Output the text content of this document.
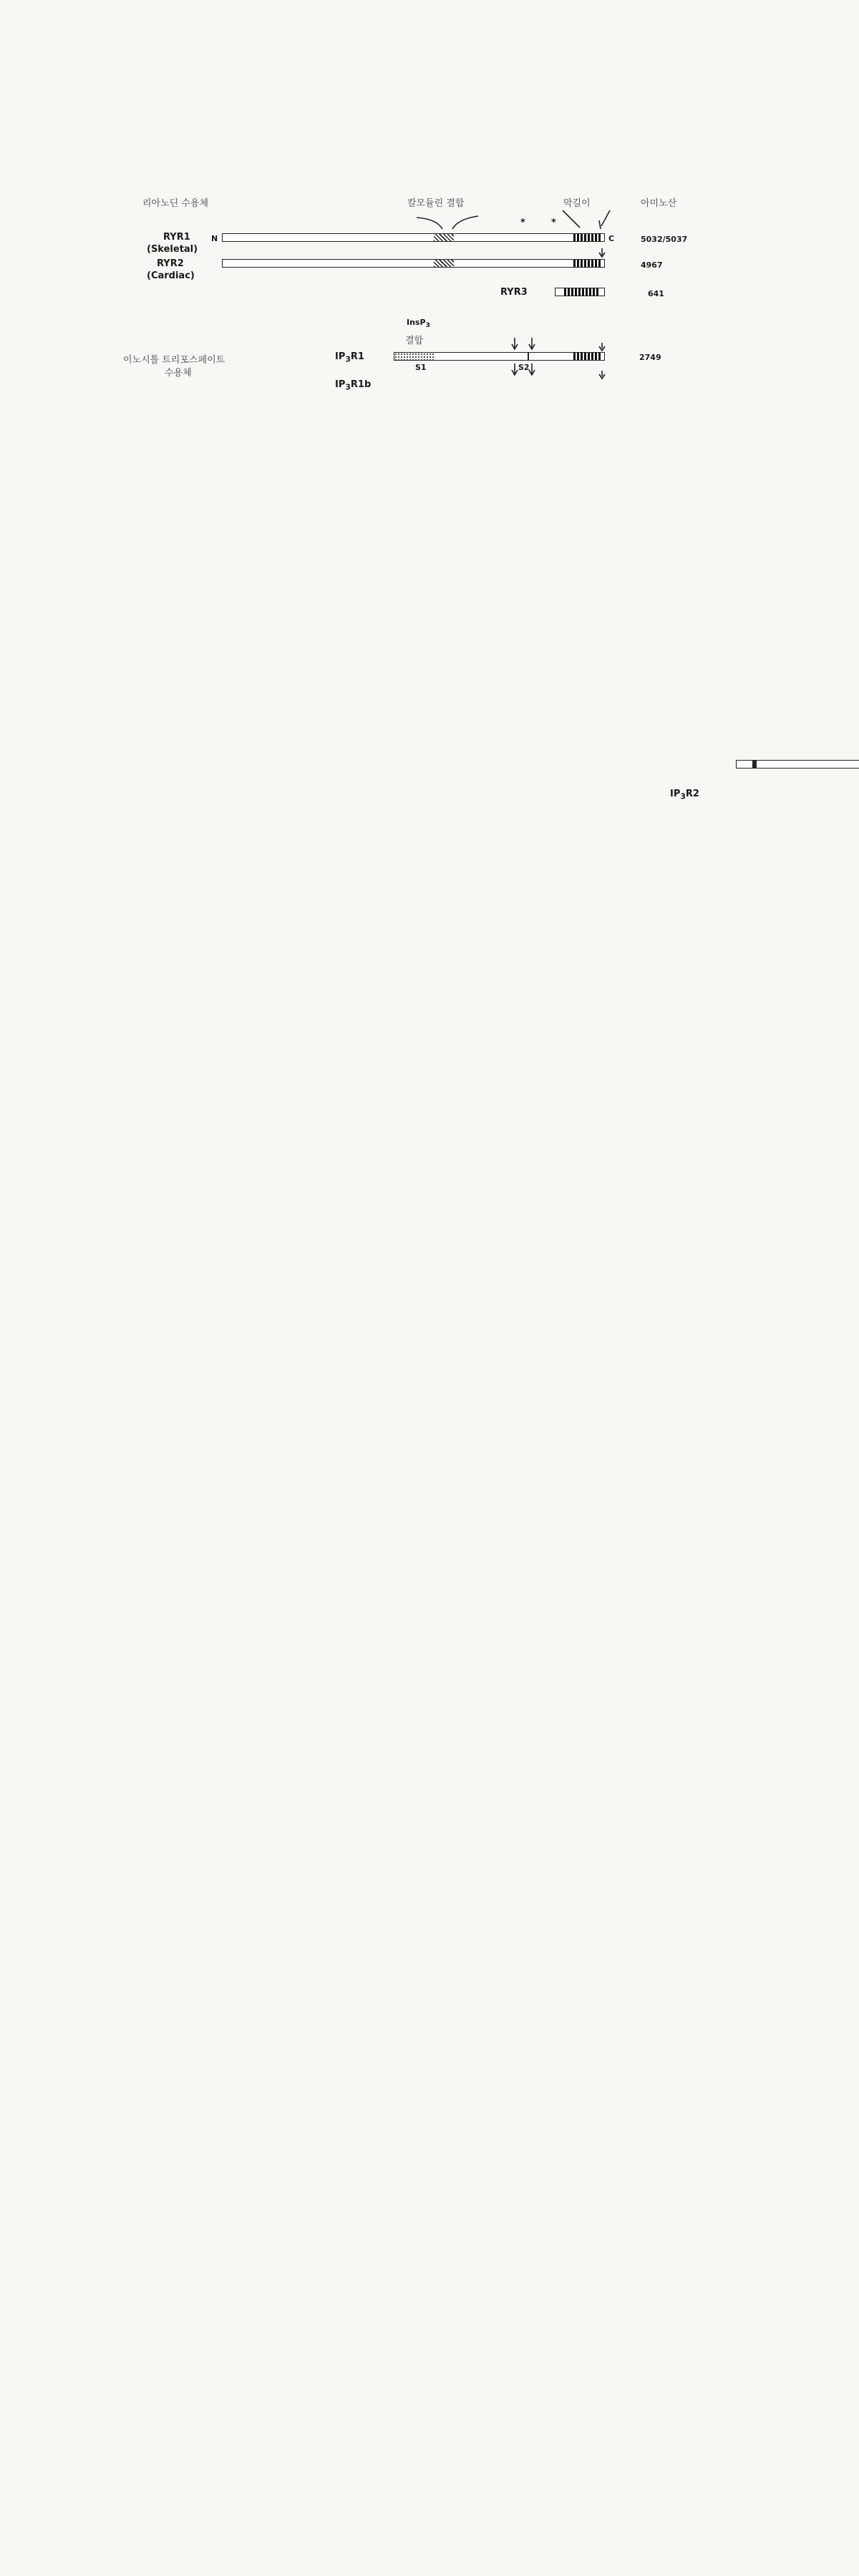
리아노딘 수용체	칼모듈린 결합	막길이	아미노산
*	*
RYR1	N	C	5032/5037
(Skeletal)
RYR2	4967
(Cardiac)
RYR3	641
InsP$_3$
결합
이노시톨 트리포스페이트
수용체
$IP_3R1$
S1	S2
2749
$IP_3R1b$
$IP_3R2$
